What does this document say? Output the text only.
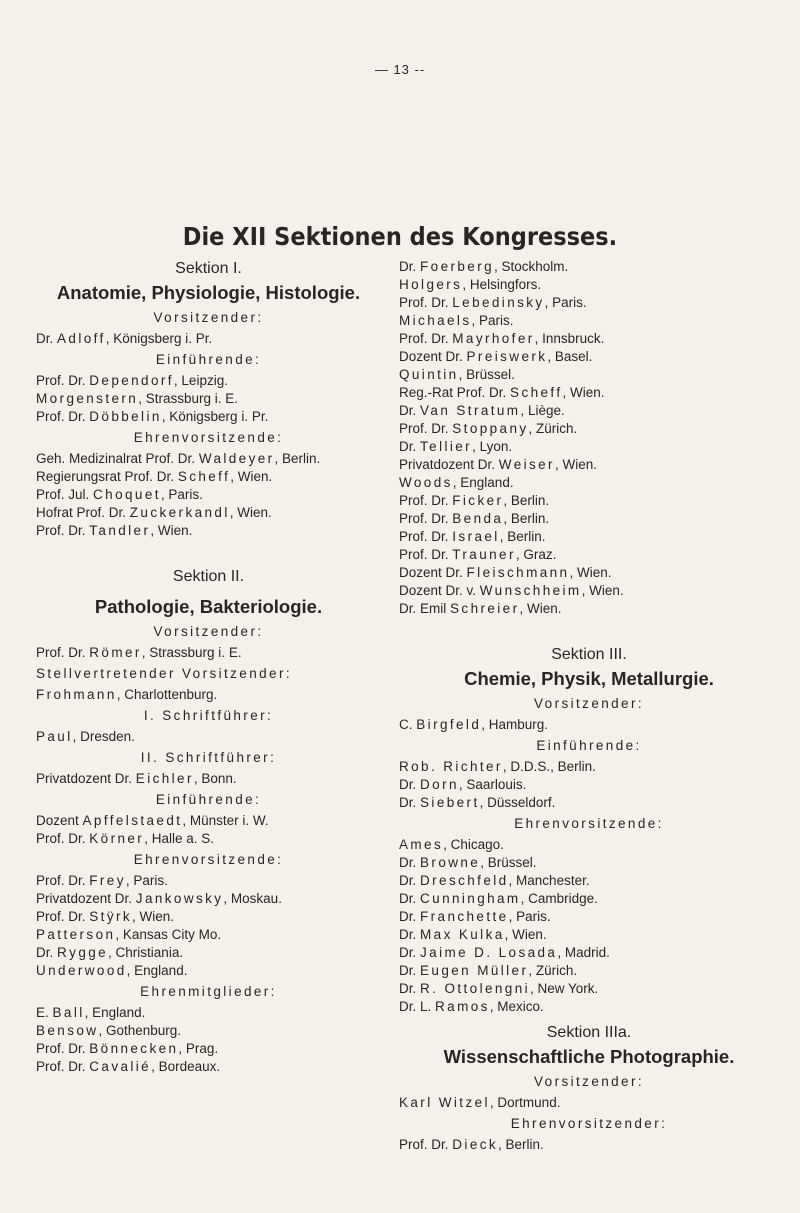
— 13 --
Die XII Sektionen des Kongresses.
Sektion I.
Anatomie, Physiologie, Histologie.
Vorsitzender:
Dr. Adloff, Königsberg i. Pr.
Einführende:
Prof. Dr. Dependorf, Leipzig.
Morgenstern, Strassburg i. E.
Prof. Dr. Döbbelin, Königsberg i. Pr.
Ehrenvorsitzende:
Geh. Medizinalrat Prof. Dr. Waldeyer, Berlin.
Regierungsrat Prof. Dr. Scheff, Wien.
Prof. Jul. Choquet, Paris.
Hofrat Prof. Dr. Zuckerkandl, Wien.
Prof. Dr. Tandler, Wien.
Sektion II.
Pathologie, Bakteriologie.
Vorsitzender:
Prof. Dr. Römer, Strassburg i. E.
Stellvertretender Vorsitzender:
Frohmann, Charlottenburg.
I. Schriftführer:
Paul, Dresden.
II. Schriftführer:
Privatdozent Dr. Eichler, Bonn.
Einführende:
Dozent Apffelstaedt, Münster i. W.
Prof. Dr. Körner, Halle a. S.
Ehrenvorsitzende:
Prof. Dr. Frey, Paris.
Privatdozent Dr. Jankowsky, Moskau.
Prof. Dr. Stÿrk, Wien.
Patterson, Kansas City Mo.
Dr. Rygge, Christiania.
Underwood, England.
Ehrenmitglieder:
E. Ball, England.
Bensow, Gothenburg.
Prof. Dr. Bönnecken, Prag.
Prof. Dr. Cavalié, Bordeaux.
Dr. Foerberg, Stockholm.
Holgers, Helsingfors.
Prof. Dr. Lebedinsky, Paris.
Michaels, Paris.
Prof. Dr. Mayrhofer, Innsbruck.
Dozent Dr. Preiswerk, Basel.
Quintin, Brüssel.
Reg.-Rat Prof. Dr. Scheff, Wien.
Dr. Van Stratum, Liège.
Prof. Dr. Stoppany, Zürich.
Dr. Tellier, Lyon.
Privatdozent Dr. Weiser, Wien.
Woods, England.
Prof. Dr. Ficker, Berlin.
Prof. Dr. Benda, Berlin.
Prof. Dr. Israel, Berlin.
Prof. Dr. Trauner, Graz.
Dozent Dr. Fleischmann, Wien.
Dozent Dr. v. Wunschheim, Wien.
Dr. Emil Schreier, Wien.
Sektion III.
Chemie, Physik, Metallurgie.
Vorsitzender:
C. Birgfeld, Hamburg.
Einführende:
Rob. Richter, D.D.S., Berlin.
Dr. Dorn, Saarlouis.
Dr. Siebert, Düsseldorf.
Ehrenvorsitzende:
Ames, Chicago.
Dr. Browne, Brüssel.
Dr. Dreschfeld, Manchester.
Dr. Cunningham, Cambridge.
Dr. Franchette, Paris.
Dr. Max Kulka, Wien.
Dr. Jaime D. Losada, Madrid.
Dr. Eugen Müller, Zürich.
Dr. R. Ottolengni, New York.
Dr. L. Ramos, Mexico.
Sektion IIIa.
Wissenschaftliche Photographie.
Vorsitzender:
Karl Witzel, Dortmund.
Ehrenvorsitzender:
Prof. Dr. Dieck, Berlin.
